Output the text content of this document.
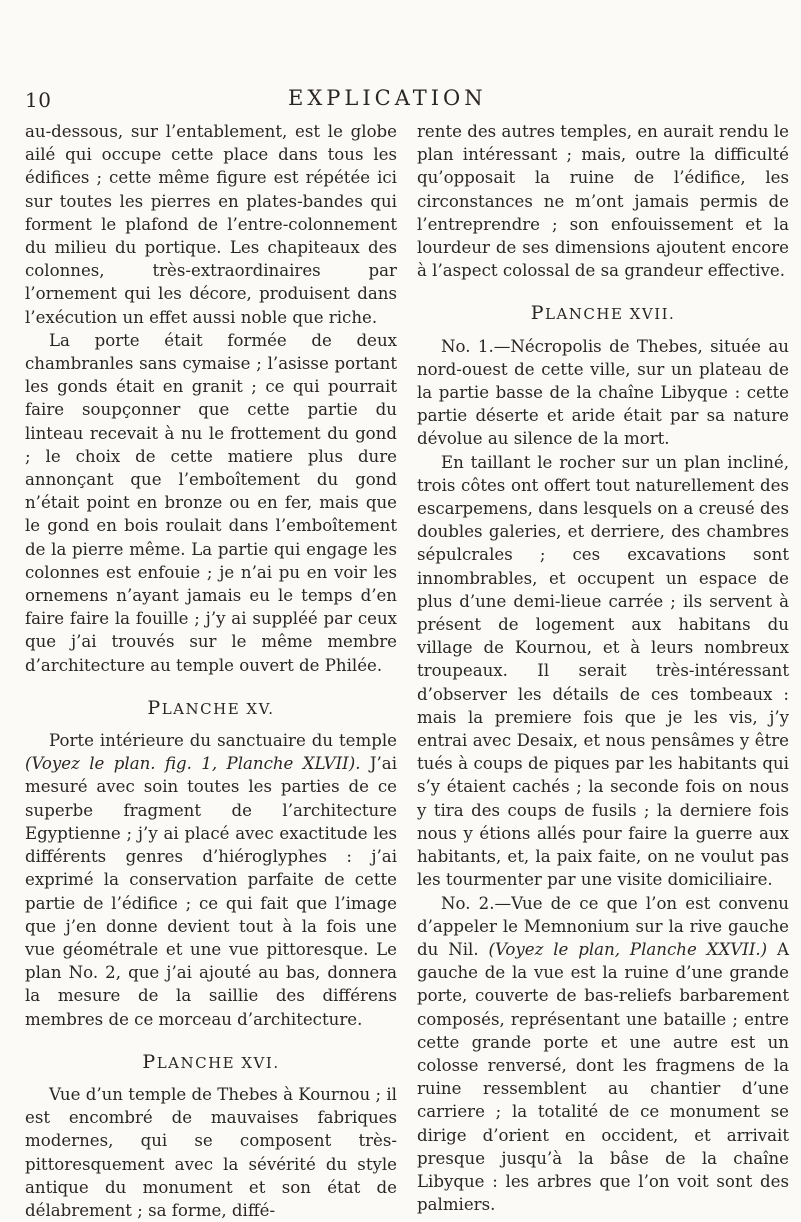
10	EXPLICATION

au-dessous, sur l’entablement, est le globe ailé qui occupe cette place dans tous les édifices ; cette même figure est répétée ici sur toutes les pierres en plates-bandes qui forment le plafond de l’entre-colonnement du milieu du portique. Les chapiteaux des colonnes, très-extraordinaires par l’ornement qui les décore, produisent dans l’exécution un effet aussi noble que riche.

La porte était formée de deux chambranles sans cymaise ; l’asisse portant les gonds était en granit ; ce qui pourrait faire soupçonner que cette partie du linteau recevait à nu le frottement du gond ; le choix de cette matiere plus dure annonçant que l’emboîtement du gond n’était point en bronze ou en fer, mais que le gond en bois roulait dans l’emboîtement de la pierre même. La partie qui engage les colonnes est enfouie ; je n’ai pu en voir les ornemens n’ayant jamais eu le temps d’en faire faire la fouille ; j’y ai suppléé par ceux que j’ai trouvés sur le même membre d’architecture au temple ouvert de Philée.

PLANCHE XV.

Porte intérieure du sanctuaire du temple (Voyez le plan. fig. 1, Planche XLVII). J’ai mesuré avec soin toutes les parties de ce superbe fragment de l’architecture Egyptienne ; j’y ai placé avec exactitude les différents genres d’hiéroglyphes : j’ai exprimé la conservation parfaite de cette partie de l’édifice ; ce qui fait que l’image que j’en donne devient tout à la fois une vue géométrale et une vue pittoresque. Le plan No. 2, que j’ai ajouté au bas, donnera la mesure de la saillie des différens membres de ce morceau d’architecture.

PLANCHE XVI.

Vue d’un temple de Thebes à Kournou ; il est encombré de mauvaises fabriques modernes, qui se composent très-pittoresquement avec la sévérité du style antique du monument et son état de délabrement ; sa forme, diffé-

rente des autres temples, en aurait rendu le plan intéressant ; mais, outre la difficulté qu’opposait la ruine de l’édifice, les circonstances ne m’ont jamais permis de l’entreprendre ; son enfouissement et la lourdeur de ses dimensions ajoutent encore à l’aspect colossal de sa grandeur effective.

PLANCHE XVII.

No. 1.—Nécropolis de Thebes, située au nord-ouest de cette ville, sur un plateau de la partie basse de la chaîne Libyque : cette partie déserte et aride était par sa nature dévolue au silence de la mort.

En taillant le rocher sur un plan incliné, trois côtes ont offert tout naturellement des escarpemens, dans lesquels on a creusé des doubles galeries, et derriere, des chambres sépulcrales ; ces excavations sont innombrables, et occupent un espace de plus d’une demi-lieue carrée ; ils servent à présent de logement aux habitans du village de Kournou, et à leurs nombreux troupeaux. Il serait très-intéressant d’observer les détails de ces tombeaux : mais la premiere fois que je les vis, j’y entrai avec Desaix, et nous pensâmes y être tués à coups de piques par les habitants qui s’y étaient cachés ; la seconde fois on nous y tira des coups de fusils ; la derniere fois nous y étions allés pour faire la guerre aux habitants, et, la paix faite, on ne voulut pas les tourmenter par une visite domiciliaire.

No. 2.—Vue de ce que l’on est convenu d’appeler le Memnonium sur la rive gauche du Nil. (Voyez le plan, Planche XXVII.) A gauche de la vue est la ruine d’une grande porte, couverte de bas-reliefs barbarement composés, représentant une bataille ; entre cette grande porte et une autre est un colosse renversé, dont les fragmens de la ruine ressemblent au chantier d’une carriere ; la totalité de ce monument se dirige d’orient en occident, et arrivait presque jusqu’à la bâse de la chaîne Libyque : les arbres que l’on voit sont des palmiers.
